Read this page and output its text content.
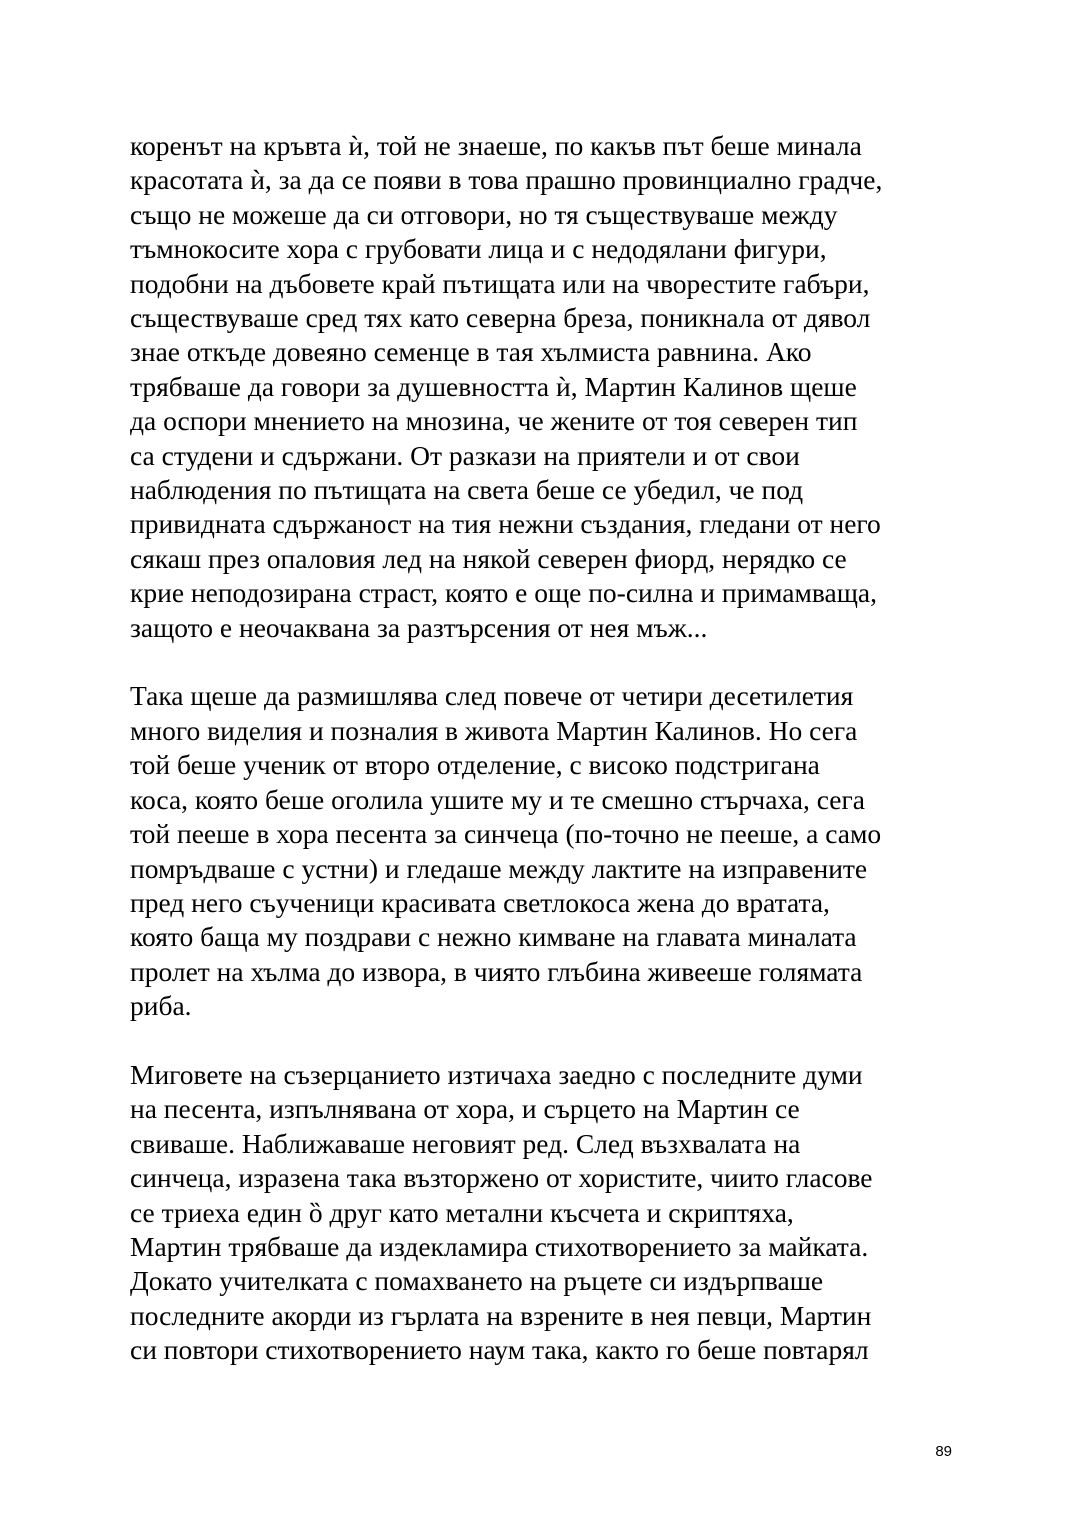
коренът на кръвта ѝ, той не знаеше, по какъв път беше минала
красотата ѝ, за да се появи в това прашно провинциално градче,
също не можеше да си отговори, но тя съществуваше между
тъмнокосите хора с грубовати лица и с недодялани фигури,
подобни на дъбовете край пътищата или на чворестите габъри,
съществуваше сред тях като северна бреза, поникнала от дявол
знае откъде довеяно семенце в тая хълмиста равнина. Ако
трябваше да говори за душевността ѝ, Мартин Калинов щеше
да оспори мнението на мнозина, че жените от тоя северен тип
са студени и сдържани. От разкази на приятели и от свои
наблюдения по пътищата на света беше се убедил, че под
привидната сдържаност на тия нежни създания, гледани от него
сякаш през опаловия лед на някой северен фиорд, нерядко се
крие неподозирана страст, която е още по-силна и примамваща,
защото е неочаквана за разтърсения от нея мъж...

Така щеше да размишлява след повече от четири десетилетия
много виделия и позналия в живота Мартин Калинов. Но сега
той беше ученик от второ отделение, с високо подстригана
коса, която беше оголила ушите му и те смешно стърчаха, сега
той пееше в хора песента за синчеца (по-точно не пееше, а само
помръдваше с устни) и гледаше между лактите на изправените
пред него съученици красивата светлокоса жена до вратата,
която баща му поздрави с нежно кимване на главата миналата
пролет на хълма до извора, в чиято глъбина живееше голямата
риба.

Миговете на съзерцанието изтичаха заедно с последните думи
на песента, изпълнявана от хора, и сърцето на Мартин се
свиваше. Наближаваше неговият ред. След възхвалата на
синчеца, изразена така възторжено от хористите, чиито гласове
се триеха един ȍ друг като метални късчета и скриптяха,
Мартин трябваше да издекламира стихотворението за майката.
Докато учителката с помахването на ръцете си издърпваше
последните акорди из гърлата на взрените в нея певци, Мартин
си повтори стихотворението наум така, както го беше повтарял

89
